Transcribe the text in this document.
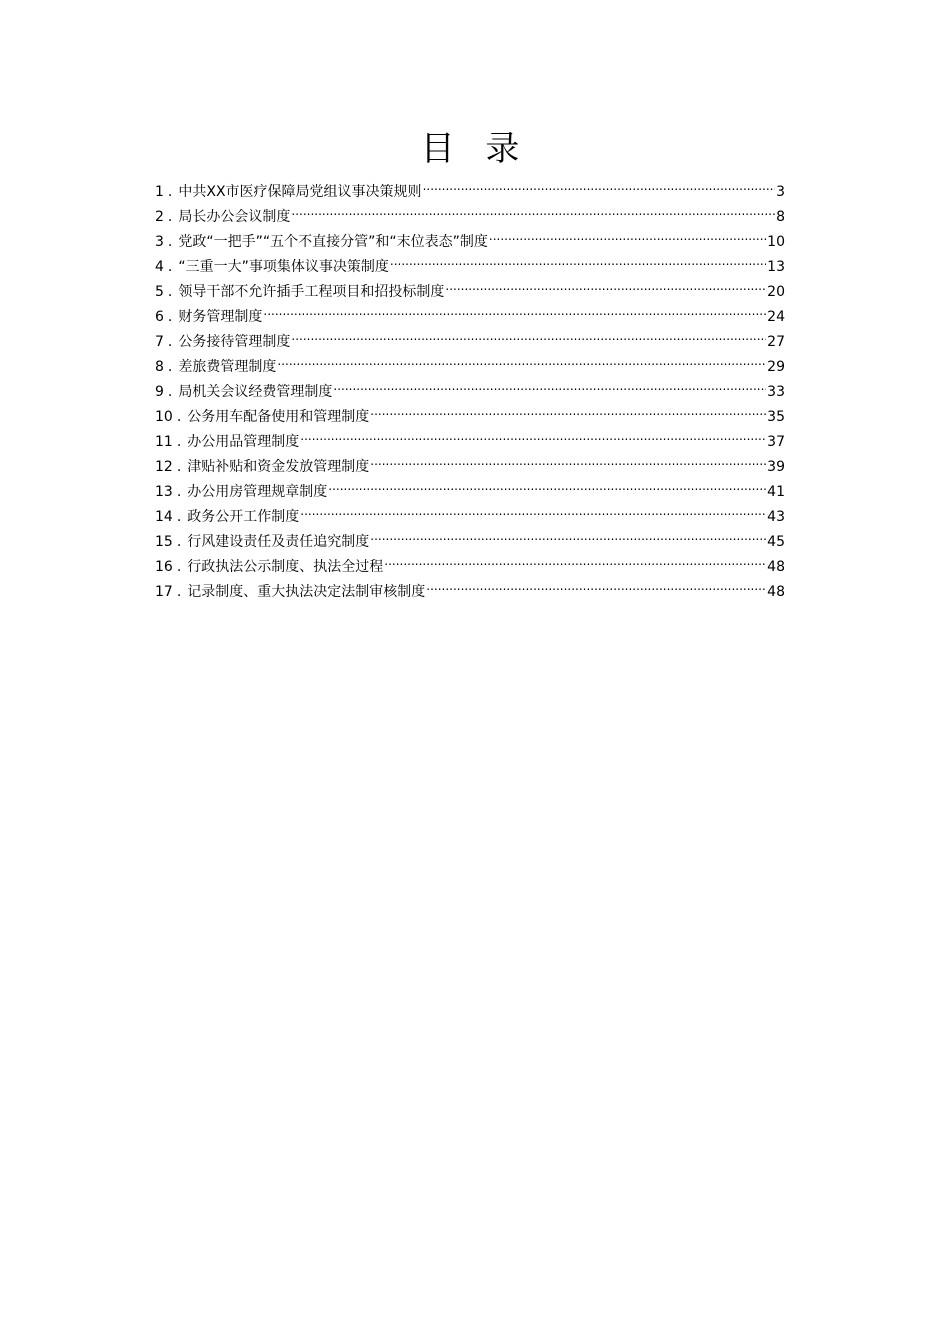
目 录
1 . 中共XX市医疗保障局党组议事决策规则 .....	3
2 . 局长办公会议制度 .....	8
3 . 党政“一把手”“五个不直接分管”和“末位表态”制度 .....	10
4 . “三重一大”事项集体议事决策制度 .....	13
5 . 领导干部不允许插手工程项目和招投标制度 .....	20
6 . 财务管理制度 .....	24
7 . 公务接待管理制度 .....	27
8 . 差旅费管理制度 .....	29
9 . 局机关会议经费管理制度 .....	33
10 . 公务用车配备使用和管理制度 .....	35
11 . 办公用品管理制度 .....	37
12 . 津贴补贴和资金发放管理制度 .....	39
13 . 办公用房管理规章制度 .....	41
14 . 政务公开工作制度 .....	43
15 . 行风建设责任及责任追究制度 .....	45
16 . 行政执法公示制度、执法全过程 .....	48
17 . 记录制度、重大执法决定法制审核制度 .....	48
